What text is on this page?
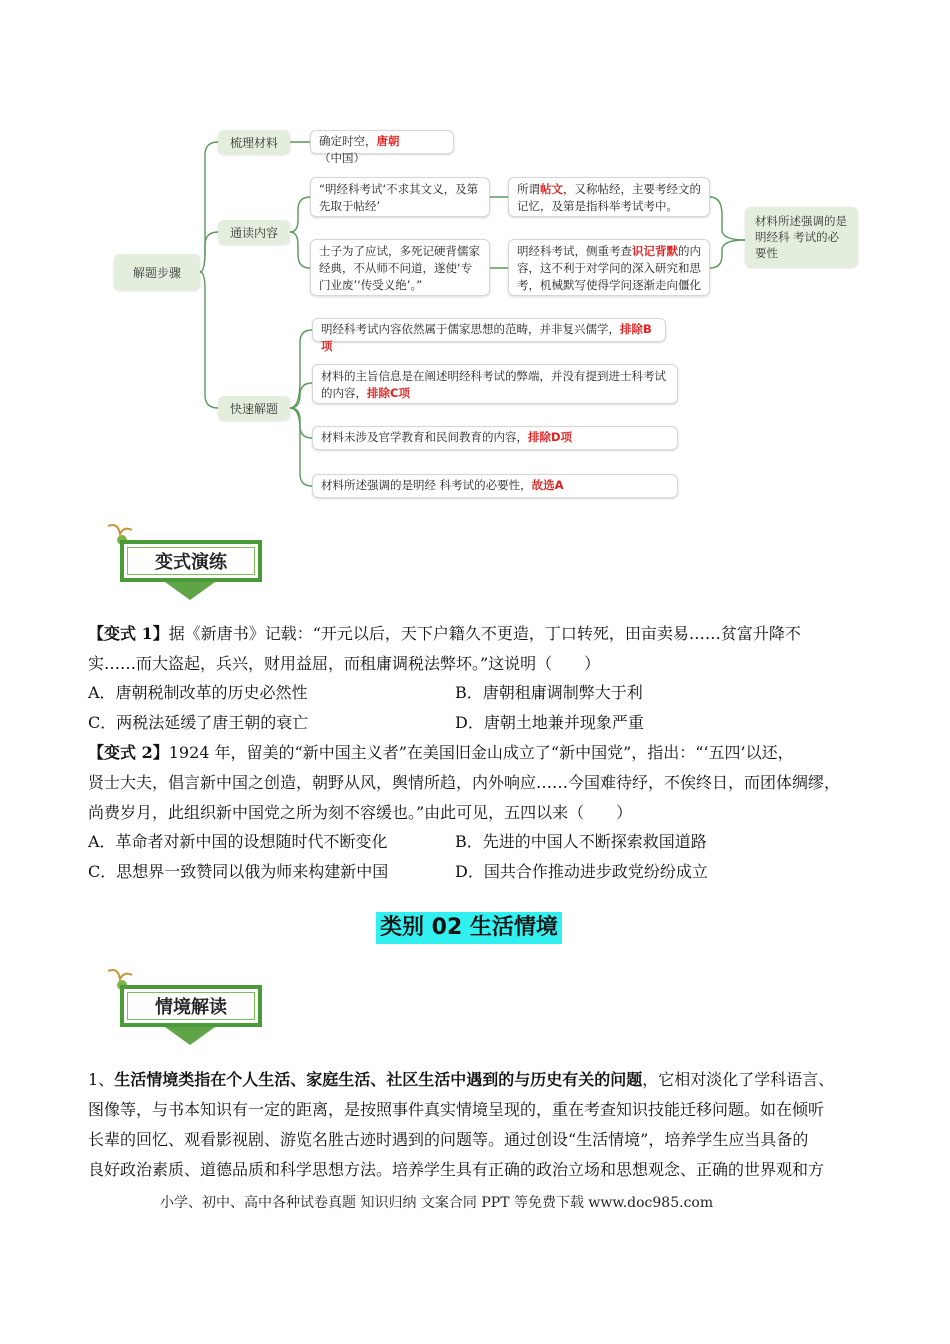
解题步骤
梳理材料	确定时空，唐朝（中国）
通读内容
“明经科考试‘不求其文义，及第先取于帖经’
所谓帖文，又称帖经，主要考经文的记忆，及第是指科举考试考中。
士子为了应试，多死记硬背儒家经典，不从师不问道，遂使‘专门业废’‘传受义绝’。”
明经科考试，侧重考查识记背默的内容，这不利于对学问的深入研究和思考，机械默写使得学问逐渐走向僵化
材料所述强调的是明经科 考试的必要性
快速解题
明经科考试内容依然属于儒家思想的范畴，并非复兴儒学，排除B项
材料的主旨信息是在阐述明经科考试的弊端，并没有提到进士科考试的内容，排除C项
材料未涉及官学教育和民间教育的内容，排除D项
材料所述强调的是明经 科考试的必要性，故选A
变式演练
【变式 1】据《新唐书》记载：“开元以后，天下户籍久不更造，丁口转死，田亩卖易……贫富升降不
实……而大盗起，兵兴，财用益屈，而租庸调税法弊坏。”这说明（　　）
A．唐朝税制改革的历史必然性	B．唐朝租庸调制弊大于利
C．两税法延缓了唐王朝的衰亡	D．唐朝土地兼并现象严重
【变式 2】1924 年，留美的“新中国主义者”在美国旧金山成立了“新中国党”，指出：“‘五四’以还，
贤士大夫，倡言新中国之创造，朝野从风，舆情所趋，内外响应……今国难待纾，不俟终日，而团体绸缪，
尚费岁月，此组织新中国党之所为刻不容缓也。”由此可见，五四以来（　　）
A．革命者对新中国的设想随时代不断变化	B．先进的中国人不断探索救国道路
C．思想界一致赞同以俄为师来构建新中国	D．国共合作推动进步政党纷纷成立
类别 02 生活情境
情境解读
1、生活情境类指在个人生活、家庭生活、社区生活中遇到的与历史有关的问题，它相对淡化了学科语言、
图像等，与书本知识有一定的距离，是按照事件真实情境呈现的，重在考查知识技能迁移问题。如在倾听
长辈的回忆、观看影视剧、游览名胜古迹时遇到的问题等。通过创设“生活情境”，培养学生应当具备的
良好政治素质、道德品质和科学思想方法。培养学生具有正确的政治立场和思想观念、正确的世界观和方
小学、初中、高中各种试卷真题 知识归纳 文案合同 PPT 等免费下载 www.doc985.com
